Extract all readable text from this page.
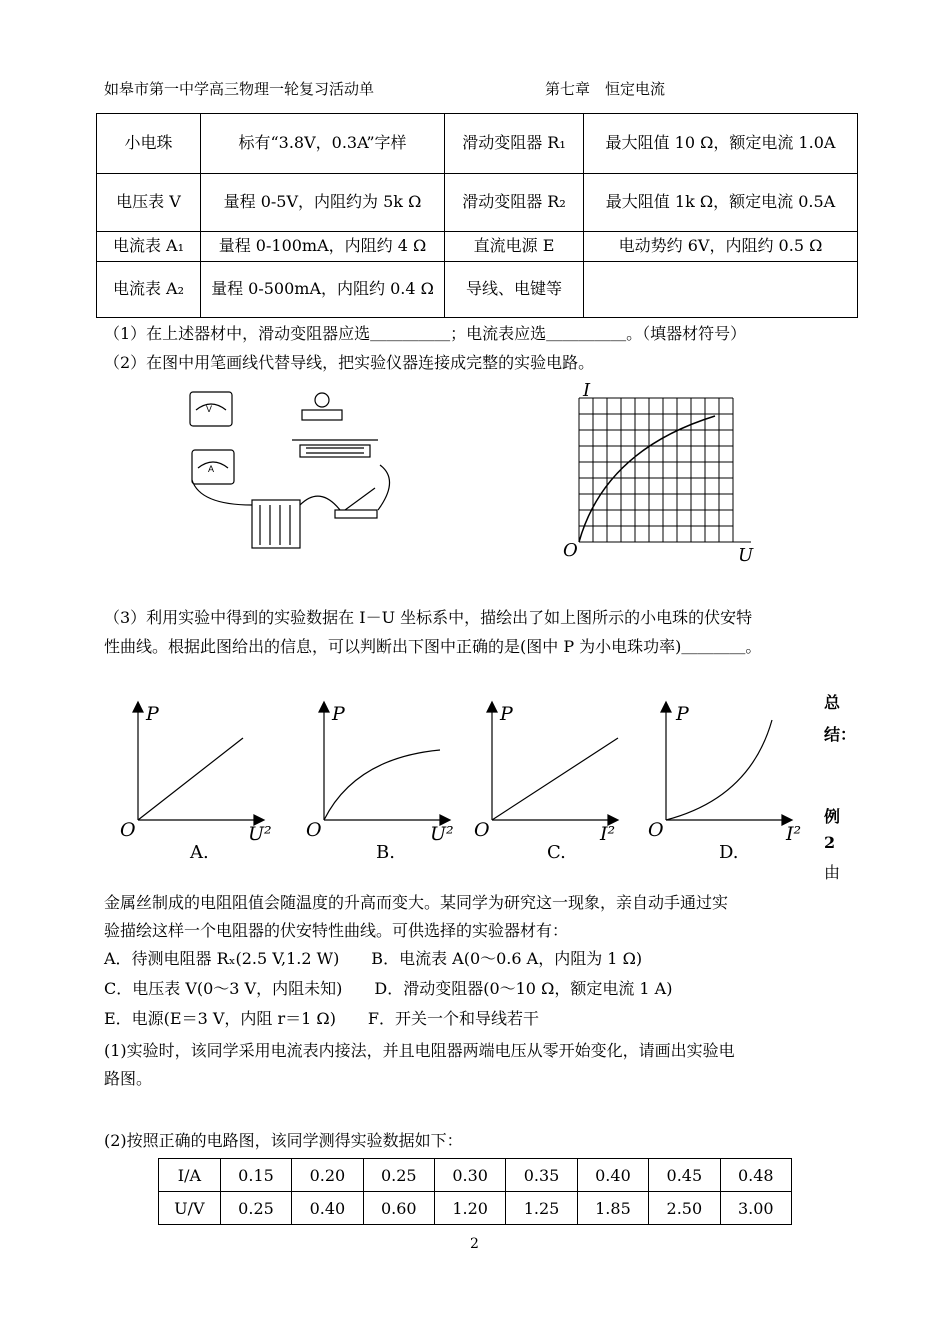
如皋市第一中学高三物理一轮复习活动单	第七章　恒定电流
小电珠	标有“3.8V，0.3A”字样	滑动变阻器 R₁	最大阻值 10 Ω，额定电流 1.0A
电压表 V	量程 0-5V，内阻约为 5k Ω	滑动变阻器 R₂	最大阻值 1k Ω，额定电流 0.5A
电流表 A₁	量程 0-100mA，内阻约 4 Ω	直流电源 E	电动势约 6V，内阻约 0.5 Ω
电流表 A₂	量程 0-500mA，内阻约 0.4 Ω	导线、电键等	
（1）在上述器材中，滑动变阻器应选＿＿＿＿＿；电流表应选＿＿＿＿＿。（填器材符号）
（2）在图中用笔画线代替导线，把实验仪器连接成完整的实验电路。
V
A
I
U
O
（3）利用实验中得到的实验数据在 I－U 坐标系中，描绘出了如上图所示的小电珠的伏安特
性曲线。根据此图给出的信息，可以判断出下图中正确的是(图中 P 为小电珠功率)＿＿＿＿。
P
O	U²
P
O	U²
P
O	I²
P
O	I²
A.	B.	C.	D.
总
结：
例
2
由
金属丝制成的电阻阻值会随温度的升高而变大。某同学为研究这一现象，亲自动手通过实
验描绘这样一个电阻器的伏安特性曲线。可供选择的实验器材有：
A．待测电阻器 Rₓ(2.5 V,1.2 W)　　B．电流表 A(0～0.6 A，内阻为 1 Ω)
C．电压表 V(0～3 V，内阻未知)　　D．滑动变阻器(0～10 Ω，额定电流 1 A)
E．电源(E＝3 V，内阻 r＝1 Ω)　　F．开关一个和导线若干
(1)实验时，该同学采用电流表内接法，并且电阻器两端电压从零开始变化，请画出实验电
路图。
(2)按照正确的电路图，该同学测得实验数据如下：
I/A	0.15	0.20	0.25	0.30	0.35	0.40	0.45	0.48
U/V	0.25	0.40	0.60	1.20	1.25	1.85	2.50	3.00
2
